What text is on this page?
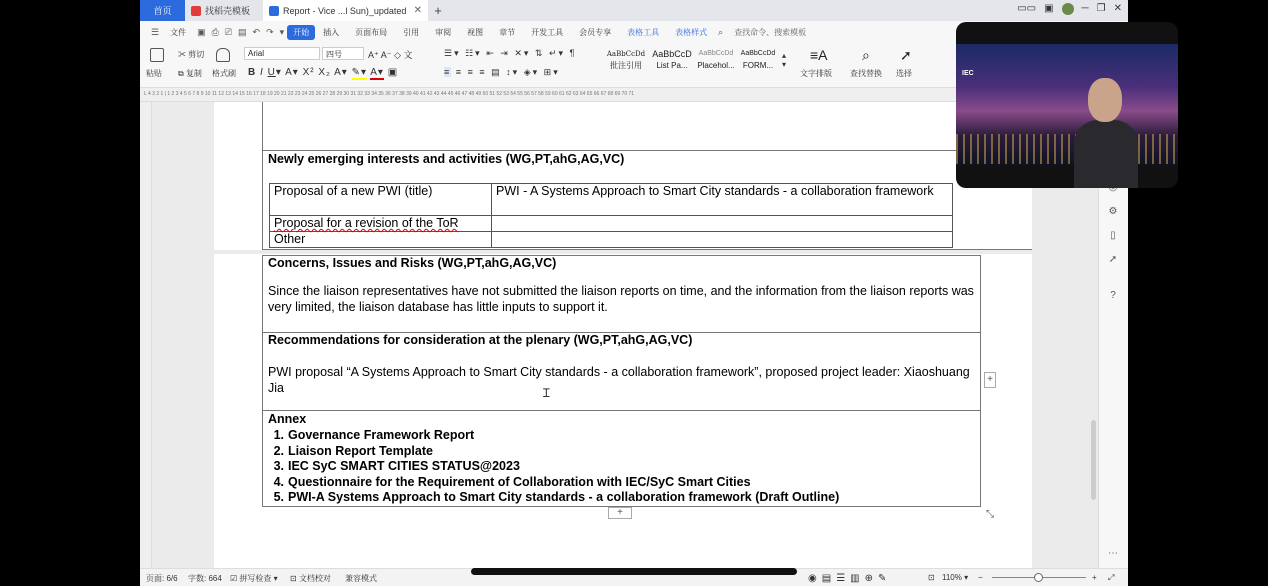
首页	找稻壳模板	Report - Vice ...l Sun)_updated ✕ +	▭▭ ▣	─ ❐ ✕
☰	文件	▣ ⎙ ⎚ ▤ ↶ ↷ ▾	开始	插入	页面布局	引用	审阅	视图	章节	开发工具	会员专享	表格工具	表格样式	⌕	查找命令、搜索模板
粘贴
✂ 剪切
⧉ 复制 格式刷
Arial	四号	A⁺ A⁻ ◇ 文
B I U▾ A▾ X² X₂ A▾ ✎▾ A▾ ▣
☰▾ ☷▾ ⇤ ⇥ ✕▾ ⇅ ↵▾ ¶
≡ ≡ ≡ ≡ ▤ ↕▾ ◈▾ ⊞▾
AaBbCcDd
批注引用
AaBbCcD
List Pa...
AaBbCcDd
Placehol...
AaBbCcDd
FORM...
▴
▾
≡A
文字排版
⌕
查找替换
➚
选择
L 4 3 2 1 | 1 2 3 4 5 6 7 8 9 10 11 12 13 14 15 16 17 18 19 20 21 22 23 24 25 26 27 28 29 30 31 32 33 34 35 36 37 38 39 40 41 42 43 44 45 46 47 48 49 50 51 52 53 54 55 56 57 58 59 60 61 62 63 64 65 66 67 68 69 70 71
Newly emerging interests and activities (WG,PT,ahG,AG,VC)
Proposal of a new PWI (title)	PWI - A Systems Approach to Smart City standards - a collaboration framework
Proposal for a revision of the ToR	
Other	
Concerns, Issues and Risks (WG,PT,ahG,AG,VC)
Since the liaison representatives have not submitted the liaison reports on time, and the information from the liaison reports was very limited, the liaison database has little inputs to support it.
Recommendations for consideration at the plenary (WG,PT,ahG,AG,VC)
PWI proposal “A Systems Approach to Smart City standards - a collaboration framework”, proposed project leader: Xiaoshuang Jia
Annex
1. Governance Framework Report
2. Liaison Report Template
3. IEC SyC SMART CITIES STATUS@2023
4. Questionnaire for the Requirement of Collaboration with IEC/SyC Smart Cities
5. PWI-A Systems Approach to Smart City standards - a collaboration framework (Draft Outline)
+
+	⤡
Ɪ
⚙
▯
➚
?
⋯
页面: 6/6 字数: 664 ☑ 拼写检查 ▾ ⊡ 文档校对 兼容模式	◉▤☰▥⊕✎	⊡ 110% ▾ −	+ ⤢
IEC
